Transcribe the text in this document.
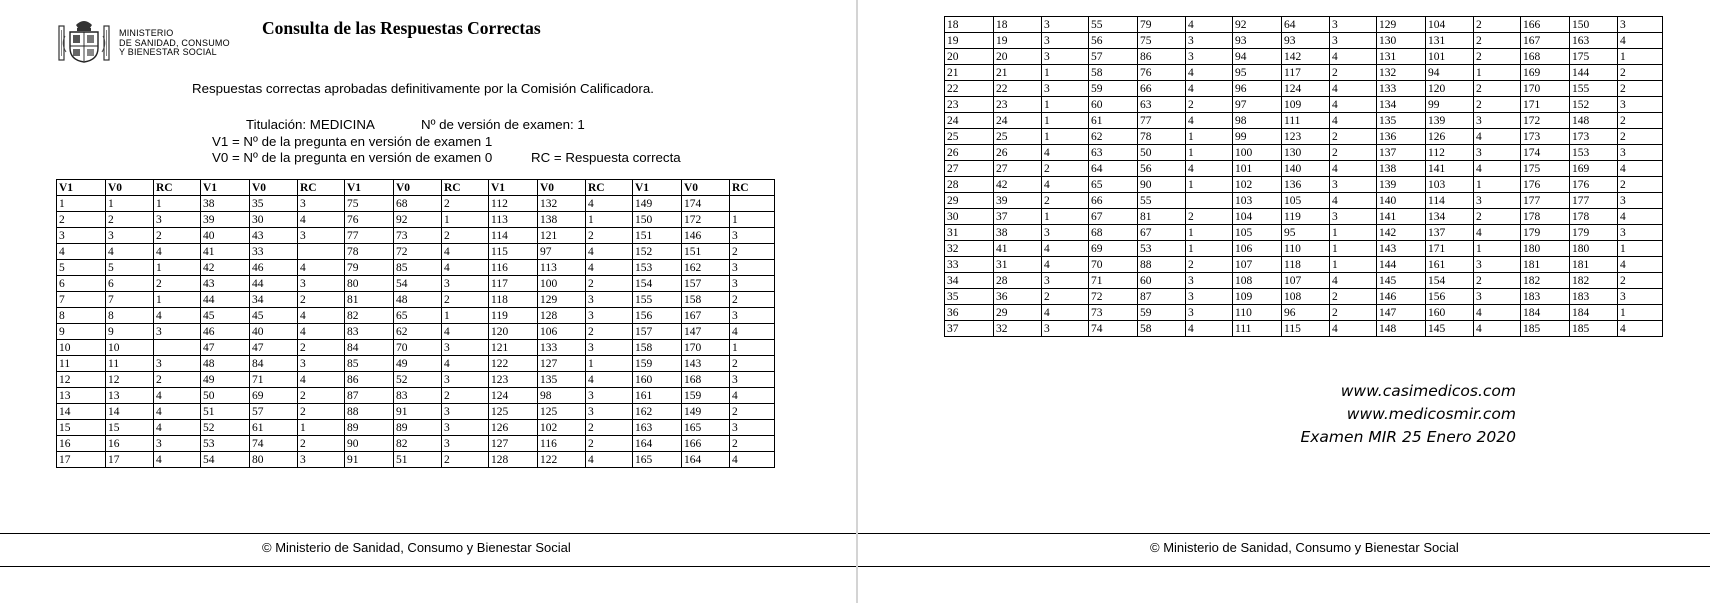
MINISTERIO
DE SANIDAD, CONSUMO
Y BIENESTAR SOCIAL
Consulta de las Respuestas Correctas
Respuestas correctas aprobadas definitivamente por la Comisión Calificadora.
Titulación: MEDICINA	Nº de versión de examen: 1
V1 = Nº de la pregunta en versión de examen 1
V0 = Nº de la pregunta en versión de examen 0	RC = Respuesta correcta
V1	V0	RC	V1	V0	RC	V1	V0	RC	V1	V0	RC	V1	V0	RC
1	1	1	38	35	3	75	68	2	112	132	4	149	174	
2	2	3	39	30	4	76	92	1	113	138	1	150	172	1
3	3	2	40	43	3	77	73	2	114	121	2	151	146	3
4	4	4	41	33		78	72	4	115	97	4	152	151	2
5	5	1	42	46	4	79	85	4	116	113	4	153	162	3
6	6	2	43	44	3	80	54	3	117	100	2	154	157	3
7	7	1	44	34	2	81	48	2	118	129	3	155	158	2
8	8	4	45	45	4	82	65	1	119	128	3	156	167	3
9	9	3	46	40	4	83	62	4	120	106	2	157	147	4
10	10		47	47	2	84	70	3	121	133	3	158	170	1
11	11	3	48	84	3	85	49	4	122	127	1	159	143	2
12	12	2	49	71	4	86	52	3	123	135	4	160	168	3
13	13	4	50	69	2	87	83	2	124	98	3	161	159	4
14	14	4	51	57	2	88	91	3	125	125	3	162	149	2
15	15	4	52	61	1	89	89	3	126	102	2	163	165	3
16	16	3	53	74	2	90	82	3	127	116	2	164	166	2
17	17	4	54	80	3	91	51	2	128	122	4	165	164	4
© Ministerio de Sanidad, Consumo y Bienestar Social	© Ministerio de Sanidad, Consumo y Bienestar Social
18	18	3	55	79	4	92	64	3	129	104	2	166	150	3
19	19	3	56	75	3	93	93	3	130	131	2	167	163	4
20	20	3	57	86	3	94	142	4	131	101	2	168	175	1
21	21	1	58	76	4	95	117	2	132	94	1	169	144	2
22	22	3	59	66	4	96	124	4	133	120	2	170	155	2
23	23	1	60	63	2	97	109	4	134	99	2	171	152	3
24	24	1	61	77	4	98	111	4	135	139	3	172	148	2
25	25	1	62	78	1	99	123	2	136	126	4	173	173	2
26	26	4	63	50	1	100	130	2	137	112	3	174	153	3
27	27	2	64	56	4	101	140	4	138	141	4	175	169	4
28	42	4	65	90	1	102	136	3	139	103	1	176	176	2
29	39	2	66	55		103	105	4	140	114	3	177	177	3
30	37	1	67	81	2	104	119	3	141	134	2	178	178	4
31	38	3	68	67	1	105	95	1	142	137	4	179	179	3
32	41	4	69	53	1	106	110	1	143	171	1	180	180	1
33	31	4	70	88	2	107	118	1	144	161	3	181	181	4
34	28	3	71	60	3	108	107	4	145	154	2	182	182	2
35	36	2	72	87	3	109	108	2	146	156	3	183	183	3
36	29	4	73	59	3	110	96	2	147	160	4	184	184	1
37	32	3	74	58	4	111	115	4	148	145	4	185	185	4
www.casimedicos.com
www.medicosmir.com
Examen MIR 25 Enero 2020
